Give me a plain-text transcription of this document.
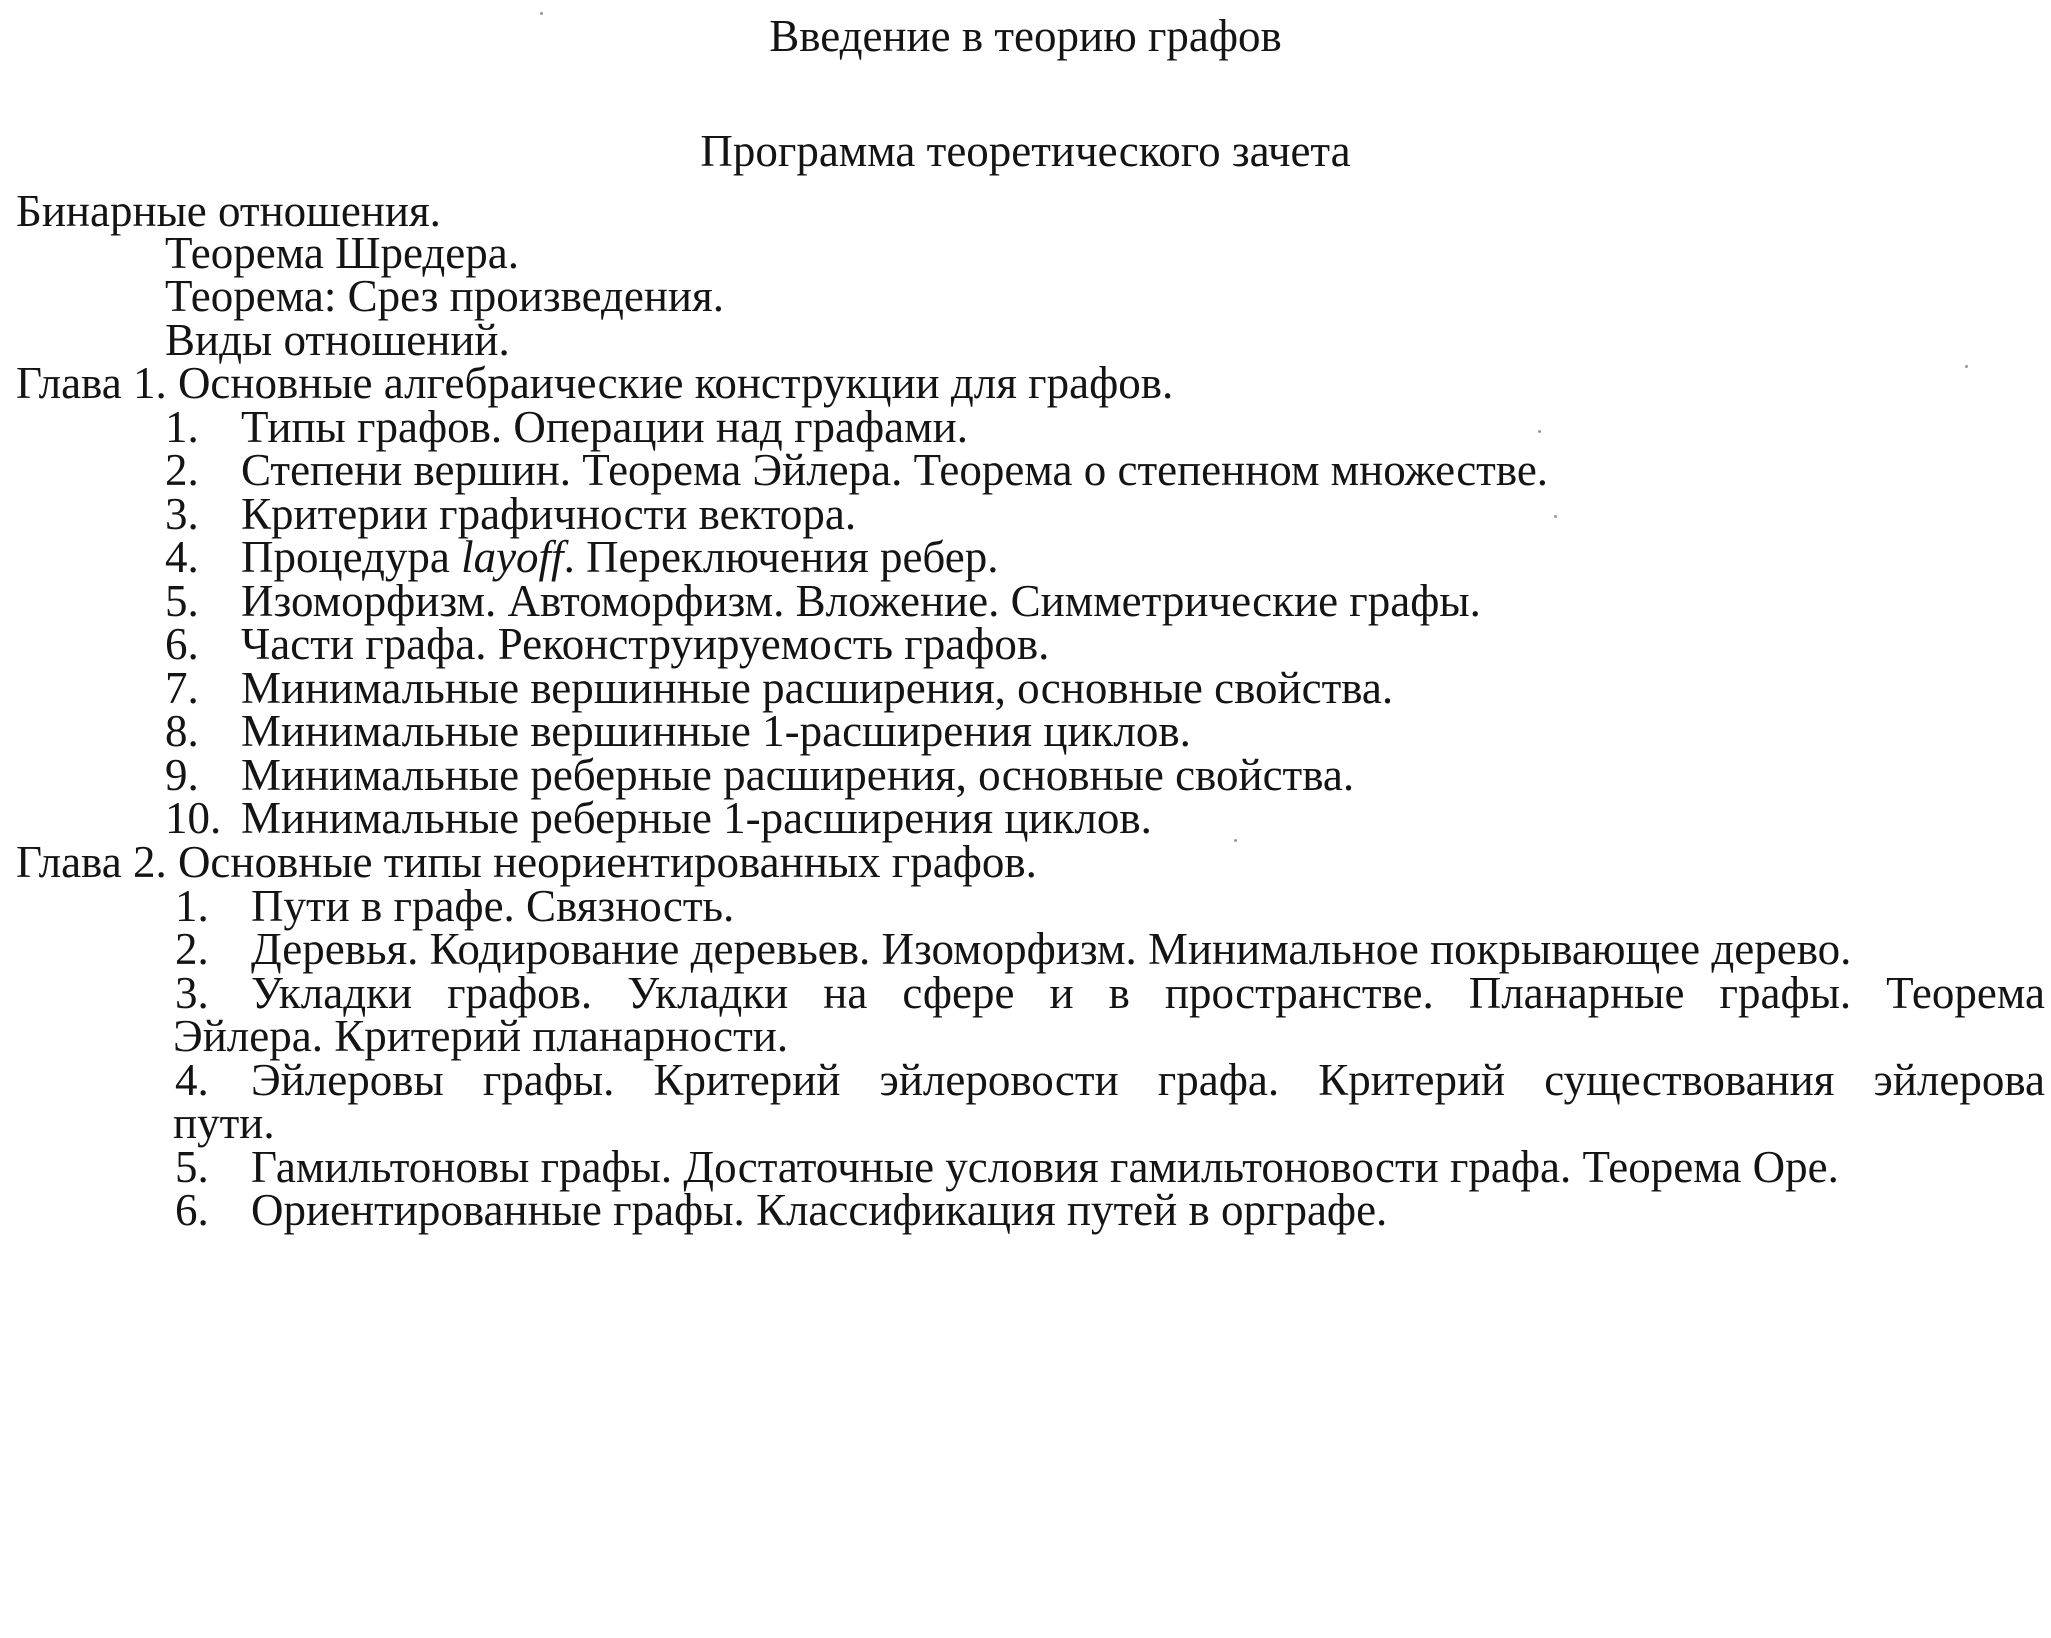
Введение в теорию графов
Программа теоретического зачета
Бинарные отношения.
Теорема Шредера.
Теорема: Срез произведения.
Виды отношений.
Глава 1. Основные алгебраические конструкции для графов.
1. Типы графов. Операции над графами.
2. Степени вершин. Теорема Эйлера. Теорема о степенном множестве.
3. Критерии графичности вектора.
4. Процедура layoff. Переключения ребер.
5. Изоморфизм. Автоморфизм. Вложение. Симметрические графы.
6. Части графа. Реконструируемость графов.
7. Минимальные вершинные расширения, основные свойства.
8. Минимальные вершинные 1-расширения циклов.
9. Минимальные реберные расширения, основные свойства.
10. Минимальные реберные 1-расширения циклов.
Глава 2. Основные типы неориентированных графов.
1. Пути в графе. Связность.
2. Деревья. Кодирование деревьев. Изоморфизм. Минимальное покрывающее дерево.
3. Укладки графов. Укладки на сфере и в пространстве. Планарные графы. Теорема
Эйлера. Критерий планарности.
4. Эйлеровы графы. Критерий эйлеровости графа. Критерий существования эйлерова
пути.
5. Гамильтоновы графы. Достаточные условия гамильтоновости графа. Теорема Оре.
6. Ориентированные графы. Классификация путей в орграфе.
